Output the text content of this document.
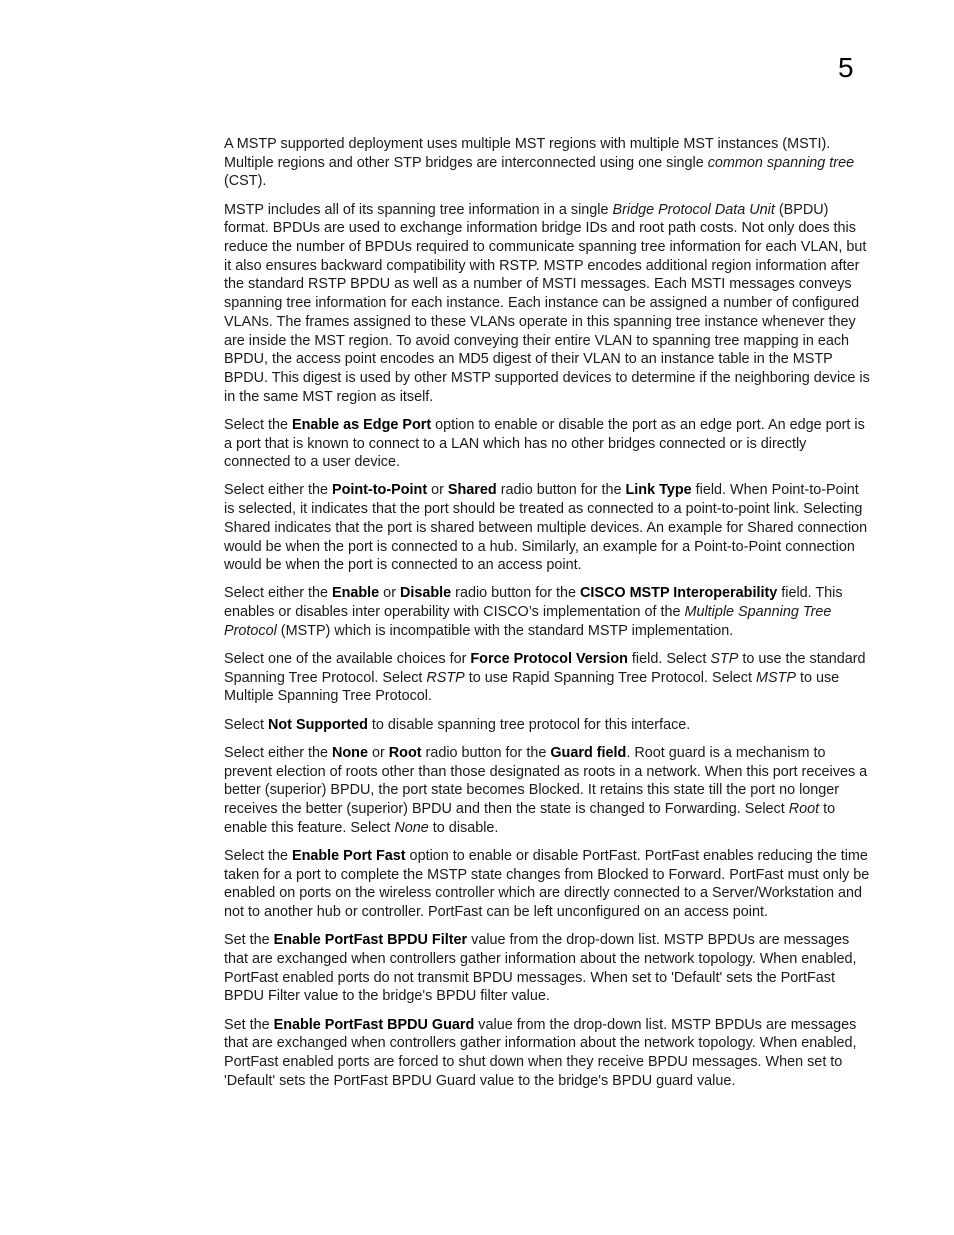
5

A MSTP supported deployment uses multiple MST regions with multiple MST instances (MSTI). Multiple regions and other STP bridges are interconnected using one single common spanning tree (CST).

MSTP includes all of its spanning tree information in a single Bridge Protocol Data Unit (BPDU) format. BPDUs are used to exchange information bridge IDs and root path costs. Not only does this reduce the number of BPDUs required to communicate spanning tree information for each VLAN, but it also ensures backward compatibility with RSTP. MSTP encodes additional region information after the standard RSTP BPDU as well as a number of MSTI messages. Each MSTI messages conveys spanning tree information for each instance. Each instance can be assigned a number of configured VLANs. The frames assigned to these VLANs operate in this spanning tree instance whenever they are inside the MST region. To avoid conveying their entire VLAN to spanning tree mapping in each BPDU, the access point encodes an MD5 digest of their VLAN to an instance table in the MSTP BPDU. This digest is used by other MSTP supported devices to determine if the neighboring device is in the same MST region as itself.

Select the Enable as Edge Port option to enable or disable the port as an edge port. An edge port is a port that is known to connect to a LAN which has no other bridges connected or is directly connected to a user device.

Select either the Point-to-Point or Shared radio button for the Link Type field. When Point-to-Point is selected, it indicates that the port should be treated as connected to a point-to-point link. Selecting Shared indicates that the port is shared between multiple devices. An example for Shared connection would be when the port is connected to a hub. Similarly, an example for a Point-to-Point connection would be when the port is connected to an access point.

Select either the Enable or Disable radio button for the CISCO MSTP Interoperability field. This enables or disables inter operability with CISCO’s implementation of the Multiple Spanning Tree Protocol (MSTP) which is incompatible with the standard MSTP implementation.

Select one of the available choices for Force Protocol Version field. Select STP to use the standard Spanning Tree Protocol. Select RSTP to use Rapid Spanning Tree Protocol. Select MSTP to use Multiple Spanning Tree Protocol.

Select Not Supported to disable spanning tree protocol for this interface.

Select either the None or Root radio button for the Guard field. Root guard is a mechanism to prevent election of roots other than those designated as roots in a network. When this port receives a better (superior) BPDU, the port state becomes Blocked. It retains this state till the port no longer receives the better (superior) BPDU and then the state is changed to Forwarding. Select Root to enable this feature. Select None to disable.

Select the Enable Port Fast option to enable or disable PortFast. PortFast enables reducing the time taken for a port to complete the MSTP state changes from Blocked to Forward. PortFast must only be enabled on ports on the wireless controller which are directly connected to a Server/Workstation and not to another hub or controller. PortFast can be left unconfigured on an access point.

Set the Enable PortFast BPDU Filter value from the drop-down list. MSTP BPDUs are messages that are exchanged when controllers gather information about the network topology. When enabled, PortFast enabled ports do not transmit BPDU messages. When set to 'Default' sets the PortFast BPDU Filter value to the bridge's BPDU filter value.

Set the Enable PortFast BPDU Guard value from the drop-down list. MSTP BPDUs are messages that are exchanged when controllers gather information about the network topology. When enabled, PortFast enabled ports are forced to shut down when they receive BPDU messages. When set to 'Default' sets the PortFast BPDU Guard value to the bridge's BPDU guard value.
